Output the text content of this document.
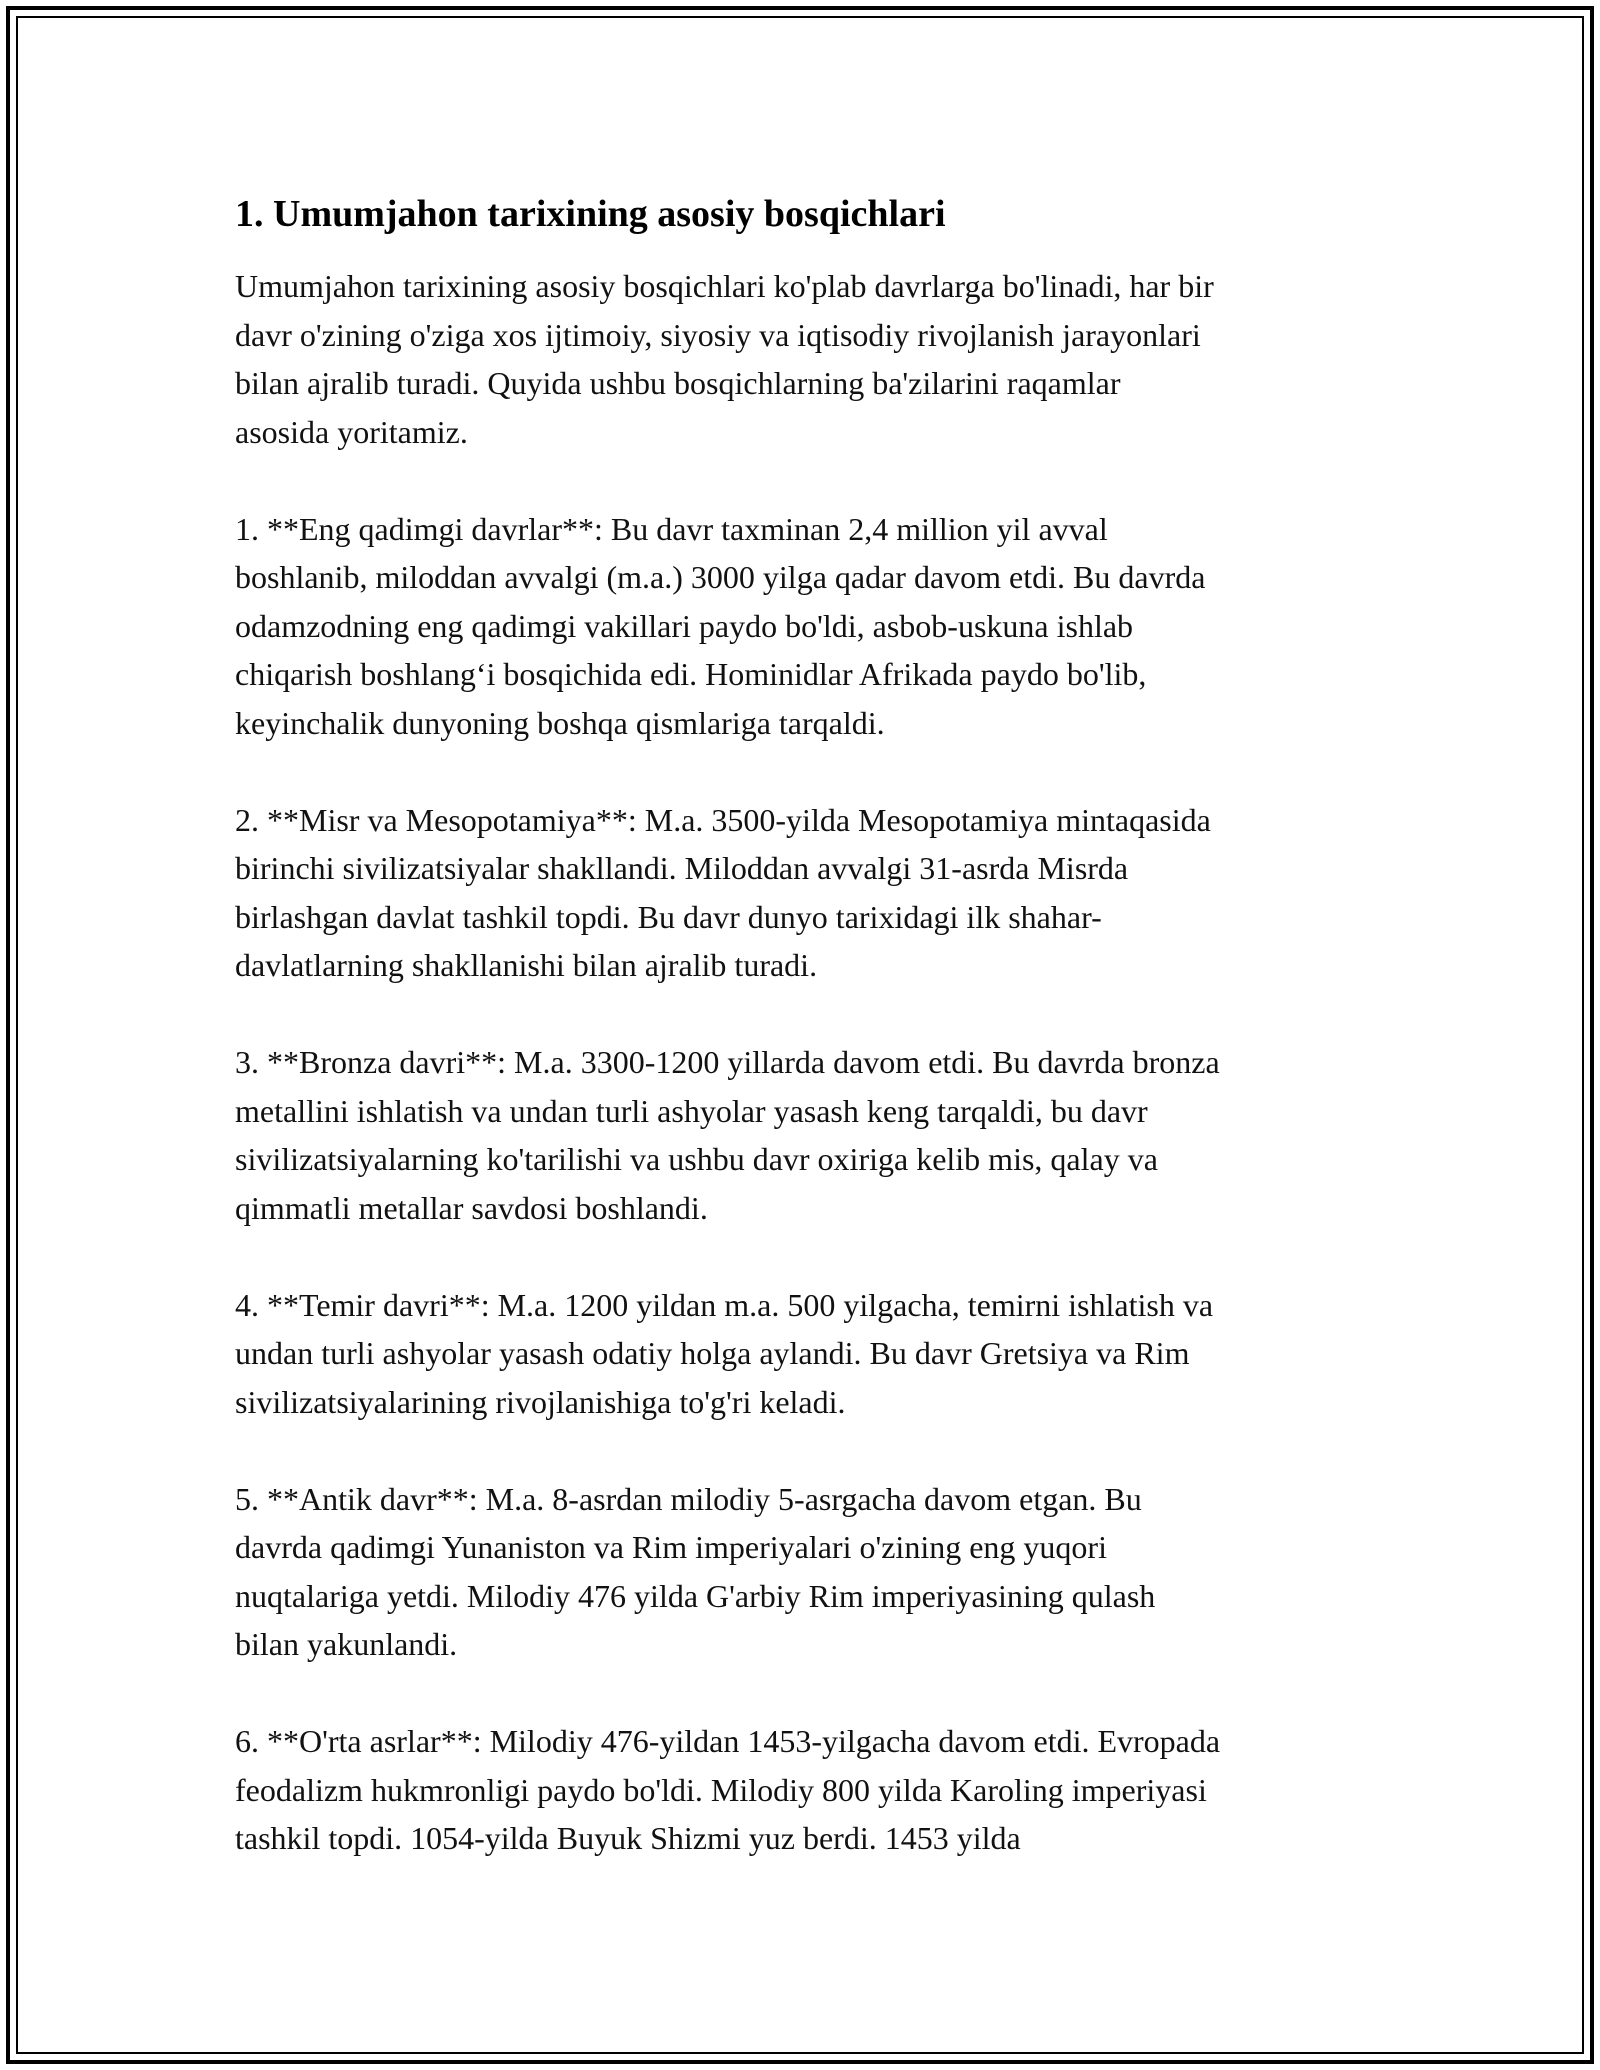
1. Umumjahon tarixining asosiy bosqichlari

Umumjahon tarixining asosiy bosqichlari ko'plab davrlarga bo'linadi, har bir
davr o'zining o'ziga xos ijtimoiy, siyosiy va iqtisodiy rivojlanish jarayonlari
bilan ajralib turadi. Quyida ushbu bosqichlarning ba'zilarini raqamlar
asosida yoritamiz.

1. **Eng qadimgi davrlar**: Bu davr taxminan 2,4 million yil avval
boshlanib, miloddan avvalgi (m.a.) 3000 yilga qadar davom etdi. Bu davrda
odamzodning eng qadimgi vakillari paydo bo'ldi, asbob-uskuna ishlab
chiqarish boshlang‘i bosqichida edi. Hominidlar Afrikada paydo bo'lib,
keyinchalik dunyoning boshqa qismlariga tarqaldi.

2. **Misr va Mesopotamiya**: M.a. 3500-yilda Mesopotamiya mintaqasida
birinchi sivilizatsiyalar shakllandi. Miloddan avvalgi 31-asrda Misrda
birlashgan davlat tashkil topdi. Bu davr dunyo tarixidagi ilk shahar-
davlatlarning shakllanishi bilan ajralib turadi.

3. **Bronza davri**: M.a. 3300-1200 yillarda davom etdi. Bu davrda bronza
metallini ishlatish va undan turli ashyolar yasash keng tarqaldi, bu davr
sivilizatsiyalarning ko'tarilishi va ushbu davr oxiriga kelib mis, qalay va
qimmatli metallar savdosi boshlandi.

4. **Temir davri**: M.a. 1200 yildan m.a. 500 yilgacha, temirni ishlatish va
undan turli ashyolar yasash odatiy holga aylandi. Bu davr Gretsiya va Rim
sivilizatsiyalarining rivojlanishiga to'g'ri keladi.

5. **Antik davr**: M.a. 8-asrdan milodiy 5-asrgacha davom etgan. Bu
davrda qadimgi Yunaniston va Rim imperiyalari o'zining eng yuqori
nuqtalariga yetdi. Milodiy 476 yilda G'arbiy Rim imperiyasining qulash
bilan yakunlandi.

6. **O'rta asrlar**: Milodiy 476-yildan 1453-yilgacha davom etdi. Evropada
feodalizm hukmronligi paydo bo'ldi. Milodiy 800 yilda Karoling imperiyasi
tashkil topdi. 1054-yilda Buyuk Shizmi yuz berdi. 1453 yilda
